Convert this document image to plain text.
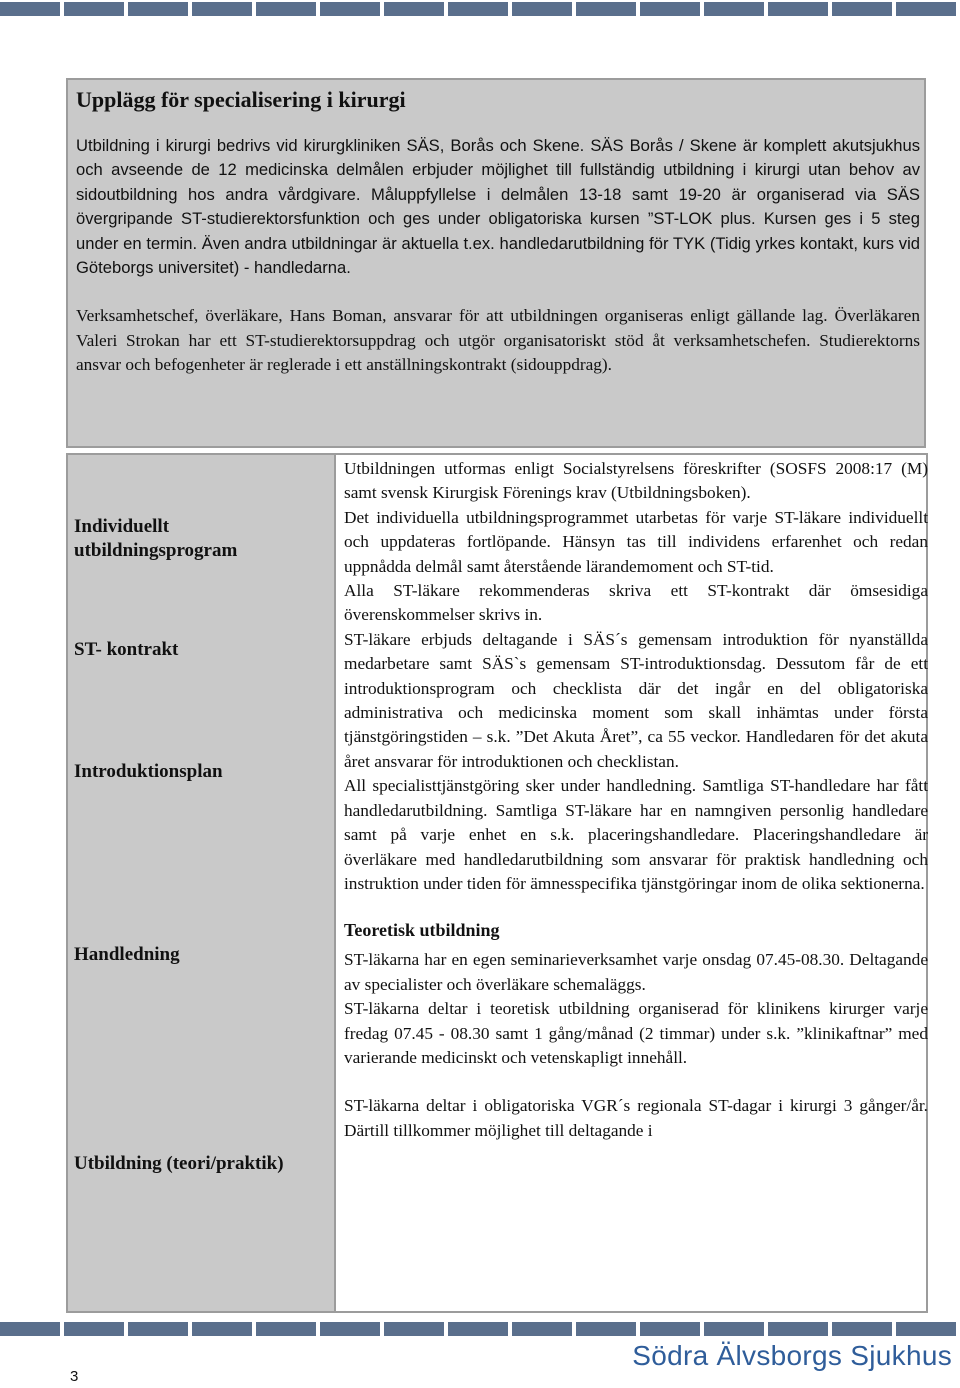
Upplägg för specialisering i kirurgi

Utbildning i kirurgi bedrivs vid kirurgkliniken SÄS, Borås och Skene. SÄS Borås / Skene är komplett akutsjukhus och avseende de 12 medicinska delmålen erbjuder möjlighet till fullständig utbildning i kirurgi utan behov av sidoutbildning hos andra vårdgivare. Måluppfyllelse i delmålen 13-18 samt 19-20 är organiserad via SÄS övergripande ST-studierektorsfunktion och ges under obligatoriska kursen ”ST-LOK plus. Kursen ges i 5 steg under en termin. Även andra utbildningar är aktuella t.ex. handledarutbildning för TYK (Tidig yrkes kontakt, kurs vid Göteborgs universitet) - handledarna.

Verksamhetschef, överläkare, Hans Boman, ansvarar för att utbildningen organiseras enligt gällande lag. Överläkaren Valeri Strokan har ett ST-studierektorsuppdrag och utgör organisatoriskt stöd åt verksamhetschefen. Studierektorns ansvar och befogenheter är reglerade i ett anställningskontrakt (sidouppdrag).

Individuellt utbildningsprogram
ST- kontrakt
Introduktionsplan
Handledning
Utbildning (teori/praktik)

Utbildningen utformas enligt Socialstyrelsens föreskrifter (SOSFS 2008:17 (M) samt svensk Kirurgisk Förenings krav (Utbildningsboken).

Det individuella utbildningsprogrammet utarbetas för varje ST-läkare individuellt och uppdateras fortlöpande. Hänsyn tas till individens erfarenhet och redan uppnådda delmål samt återstående lärandemoment och ST-tid.

Alla ST-läkare rekommenderas skriva ett ST-kontrakt där ömsesidiga överenskommelser skrivs in.

ST-läkare erbjuds deltagande i SÄS´s gemensam introduktion för nyanställda medarbetare samt SÄS`s gemensam ST-introduktionsdag. Dessutom får de ett introduktionsprogram och checklista där det ingår en del obligatoriska administrativa och medicinska moment som skall inhämtas under första tjänstgöringstiden – s.k. ”Det Akuta Året”, ca 55 veckor. Handledaren för det akuta året ansvarar för introduktionen och checklistan.

All specialisttjänstgöring sker under handledning. Samtliga ST-handledare har fått handledarutbildning. Samtliga ST-läkare har en namngiven personlig handledare samt på varje enhet en s.k. placeringshandledare. Placeringshandledare är överläkare med handledarutbildning som ansvarar för praktisk handledning och instruktion under tiden för ämnesspecifika tjänstgöringar inom de olika sektionerna.

Teoretisk utbildning

ST-läkarna har en egen seminarieverksamhet varje onsdag 07.45-08.30. Deltagande av specialister och överläkare schemaläggs.

ST-läkarna deltar i teoretisk utbildning organiserad för klinikens kirurger varje fredag 07.45 - 08.30 samt 1 gång/månad (2 timmar) under s.k. ”klinikaftnar” med varierande medicinskt och vetenskapligt innehåll.

ST-läkarna deltar i obligatoriska VGR´s regionala ST-dagar i kirurgi 3 gånger/år. Därtill tillkommer möjlighet till deltagande i

3
Södra Älvsborgs Sjukhus
